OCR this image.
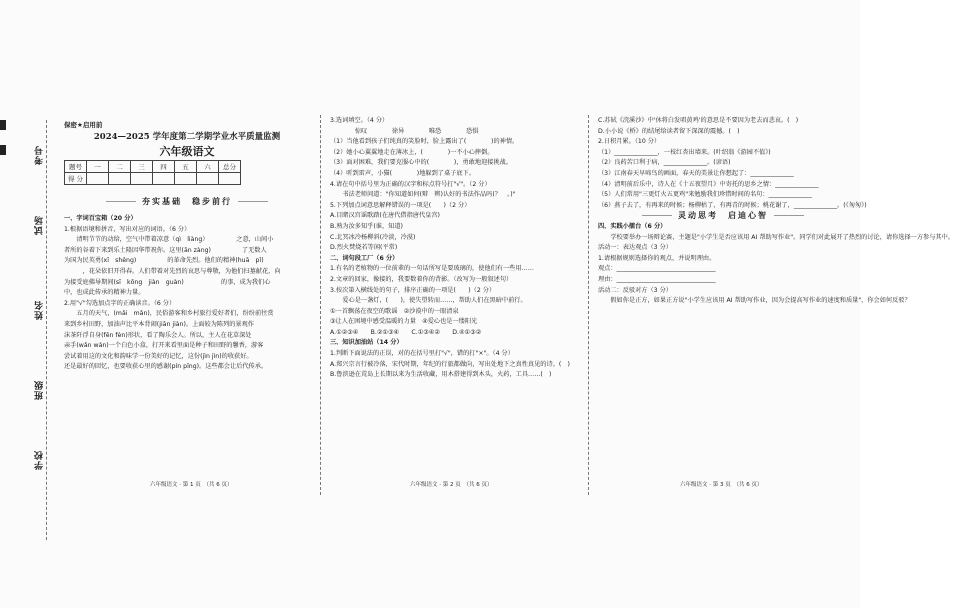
考号
试场
姓名
班级
学校
保密★启用前
2024—2025 学年度第二学期学业水平质量监测
六年级语文
题号	一	二	三	四	五	六	总分
得 分							
夯实基础　稳步前行

一、字词百宝箱（20 分）

1.根据语境和拼音，写出对应的词语。（6 分）

　　清明节节的动给，空气中带着凉意（qì　liàng）　　　　　之意，山间小

者所的谷着下来到乐土隆因华带祝你。这里(ān zàng)　　　　　了无数人

为国为民英勇(xī　shēng)　　　　　的革命先烈。他们的精神(huā　pǐ)

　　　，花朵依旧开得春。人们带着对先烈的哀思与尊敬，为他们扫墓献花，向

为接受庭佛导期间(sī　kōng　jiàn　guàn)　　　　　　的事，成为我们心

中，也成此传承的精神力量。

2.用"√"勾选加点字的正确读音。（6 分）

　　五月的天气，(mǎi　mǎn)，民俗游客和乡村旅行爱好者们，纷纷前往赏

来到乡村田野，加油声比平本背闹(jiān jiàn)。上面较为陈列的景观作

沫茶阡浮自身(fēn fèn)形状，看了陶乐会人。所以，主人在花草深处

亲手(wǎn wán)一个白色小盒，打开来看里面是种子和田野的馨香，游客

尝试着用这的文化和韵味学一份美好的记忆，这份(jìn jìn)的收获好。

还是最好的回忆，也要收获心里的感谢(pín pīng)。这些都会让后代传承。

3.选词填空。（4 分）

　　　　惊叹　　　　徐异　　　　唯恐　　　　恐惧

（1）当他看到孩子们纯真的笑脸时，脸上露出了(　　　　)的神情。

（2）她小心翼翼地走在薄冰上，(　　　　)一不小心摔倒。

（3）面对困难，我们要克服心中的(　　　　)，勇敢地迎接挑战。

（4）听到雷声，小猫(　　　　)地躲到了桌子底下。

4.请在句中括号里为正确的汉字和标点符号打"√"。（2 分）

　　书法老师问道："你知道如何(辩　辨)认好的书法作品吗(？　。)"

5.下列加点词意思解释错误的一项是(　　)（2 分）

A.目睹汉宫谣歌踏(在唐代借指唐代皇宫)

B.熟为汝多知乎(谁，知道)

C.北冥冰冷杨柳斜(冷淡，冷漠)

D.烈火焚烧若等闲(平常)

二、词句段工厂（6 分）

1.有名的老植物的一位前辈的一句话所写是要玻璃的，使他们有一些用……

2.文章的回家，像接的，我要数着你的背影。（改写为一般叙述句）

3.按次第入横线处的句子，排序正确的一项是(　　)（2 分）

　　爱心是一盏灯，(　　)，使失望转而……，帮助人们在黑暗中前行。

①一首飘荡在夜空的歌谣　②沙漠中的一眼清泉

③让人在困境中感受温暖的力量　④爱心也是一缕阳光

A.①②③④　　B.②①③④　　C.①③④②　　D.④①③②

三、知识加油站（14 分）

1.判断下面说法的正误，对的在括号里打"√"，错的打"×"。（4 分）

A.郑兴宗言行被冷落，宋代时期，年纪的行旅都做向，写出处地下之真性真见的诗。(　)

B.鲁滨逊在荒岛上长期以来为生活收藏，用木搭建得到木头，火药，工具……(　)

C.苏轼《浣溪沙》中'休将白发唱黄鸡'的意思是不要因为老去而悲哀。(　)

D.小小说《桥》的结尾给读者留下深深的震撼。(　)

2.日积月累。（10 分）

（1）______________，一枝红杏出墙来。(叶绍翁《游园不值》)

（2）良药苦口利于病，______________。(谚语)

（3）江南春天早啼鸟的画面，春天的美景让你想起了：______________

（4）清明前后乐中，诗人在《十五夜望月》中寄托的思乡之情：______________

（5）人们常用"三更灯火五更鸡"来勉励我们珍惜时间的名句：______________

（6）燕子去了，有再来的时候；杨柳枯了，有再青的时候；桃花谢了，______________。(《匆匆》)

灵动思考　启迪心智

四、实践小擂台（6 分）

　　学校要举办一场辩论赛，主题是"小学生是否应该用 AI 帮助写作业"。同学们对此展开了热烈的讨论，请你选择一方参与其中。

活动一：表达观点（3 分）

1.请根据规则选择你的观点，并说明理由。

观点：________________________________

理由：________________________________

活动二：反驳对方（3 分）

　　假如你是正方，如果正方说"小学生应该用 AI 帮助写作业，因为会提高写作业的速度和质量"，你会如何反驳？

六年级语文 · 第 1 页　（共 6 页）	六年级语文 · 第 2 页　（共 6 页）	六年级语文 · 第 3 页　（共 6 页）
